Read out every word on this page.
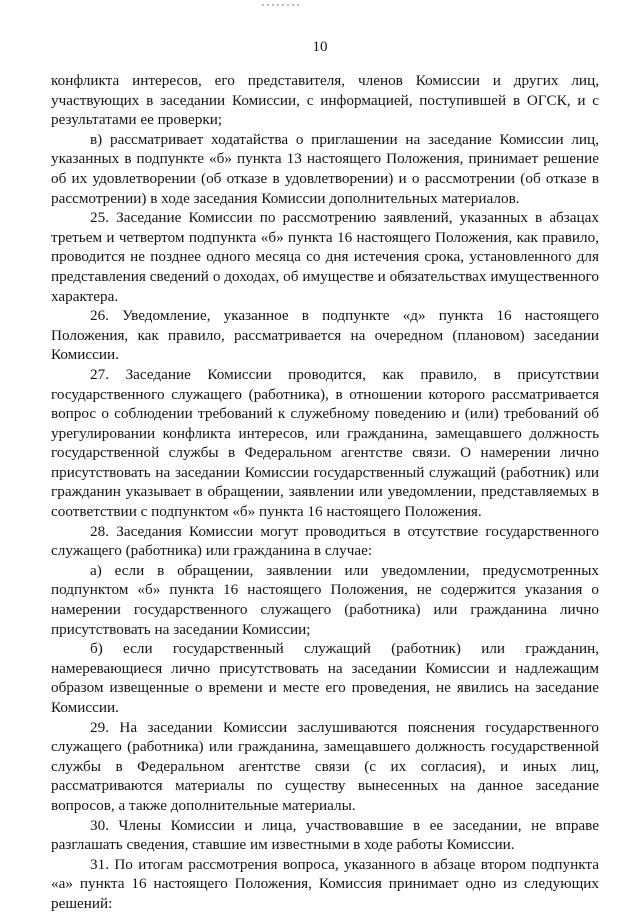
10

конфликта интересов, его представителя, членов Комиссии и других лиц, участвующих в заседании Комиссии, с информацией, поступившей в ОГСК, и с результатами ее проверки;

в) рассматривает ходатайства о приглашении на заседание Комиссии лиц, указанных в подпункте «б» пункта 13 настоящего Положения, принимает решение об их удовлетворении (об отказе в удовлетворении) и о рассмотрении (об отказе в рассмотрении) в ходе заседания Комиссии дополнительных материалов.

25. Заседание Комиссии по рассмотрению заявлений, указанных в абзацах третьем и четвертом подпункта «б» пункта 16 настоящего Положения, как правило, проводится не позднее одного месяца со дня истечения срока, установленного для представления сведений о доходах, об имуществе и обязательствах имущественного характера.

26. Уведомление, указанное в подпункте «д» пункта 16 настоящего Положения, как правило, рассматривается на очередном (плановом) заседании Комиссии.

27. Заседание Комиссии проводится, как правило, в присутствии государственного служащего (работника), в отношении которого рассматривается вопрос о соблюдении требований к служебному поведению и (или) требований об урегулировании конфликта интересов, или гражданина, замещавшего должность государственной службы в Федеральном агентстве связи. О намерении лично присутствовать на заседании Комиссии государственный служащий (работник) или гражданин указывает в обращении, заявлении или уведомлении, представляемых в соответствии с подпунктом «б» пункта 16 настоящего Положения.

28. Заседания Комиссии могут проводиться в отсутствие государственного служащего (работника) или гражданина в случае:

а) если в обращении, заявлении или уведомлении, предусмотренных подпунктом «б» пункта 16 настоящего Положения, не содержится указания о намерении государственного служащего (работника) или гражданина лично присутствовать на заседании Комиссии;

б) если государственный служащий (работник) или гражданин, намеревающиеся лично присутствовать на заседании Комиссии и надлежащим образом извещенные о времени и месте его проведения, не явились на заседание Комиссии.

29. На заседании Комиссии заслушиваются пояснения государственного служащего (работника) или гражданина, замещавшего должность государственной службы в Федеральном агентстве связи (с их согласия), и иных лиц, рассматриваются материалы по существу вынесенных на данное заседание вопросов, а также дополнительные материалы.

30. Члены Комиссии и лица, участвовавшие в ее заседании, не вправе разглашать сведения, ставшие им известными в ходе работы Комиссии.

31. По итогам рассмотрения вопроса, указанного в абзаце втором подпункта «а» пункта 16 настоящего Положения, Комиссия принимает одно из следующих решений:
